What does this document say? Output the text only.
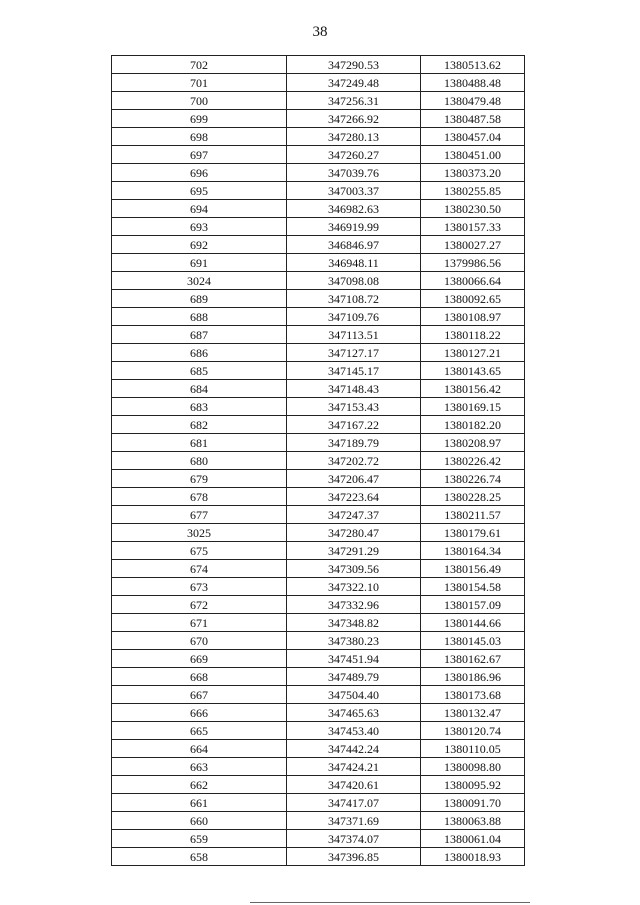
38
702	347290.53	1380513.62
701	347249.48	1380488.48
700	347256.31	1380479.48
699	347266.92	1380487.58
698	347280.13	1380457.04
697	347260.27	1380451.00
696	347039.76	1380373.20
695	347003.37	1380255.85
694	346982.63	1380230.50
693	346919.99	1380157.33
692	346846.97	1380027.27
691	346948.11	1379986.56
3024	347098.08	1380066.64
689	347108.72	1380092.65
688	347109.76	1380108.97
687	347113.51	1380118.22
686	347127.17	1380127.21
685	347145.17	1380143.65
684	347148.43	1380156.42
683	347153.43	1380169.15
682	347167.22	1380182.20
681	347189.79	1380208.97
680	347202.72	1380226.42
679	347206.47	1380226.74
678	347223.64	1380228.25
677	347247.37	1380211.57
3025	347280.47	1380179.61
675	347291.29	1380164.34
674	347309.56	1380156.49
673	347322.10	1380154.58
672	347332.96	1380157.09
671	347348.82	1380144.66
670	347380.23	1380145.03
669	347451.94	1380162.67
668	347489.79	1380186.96
667	347504.40	1380173.68
666	347465.63	1380132.47
665	347453.40	1380120.74
664	347442.24	1380110.05
663	347424.21	1380098.80
662	347420.61	1380095.92
661	347417.07	1380091.70
660	347371.69	1380063.88
659	347374.07	1380061.04
658	347396.85	1380018.93
